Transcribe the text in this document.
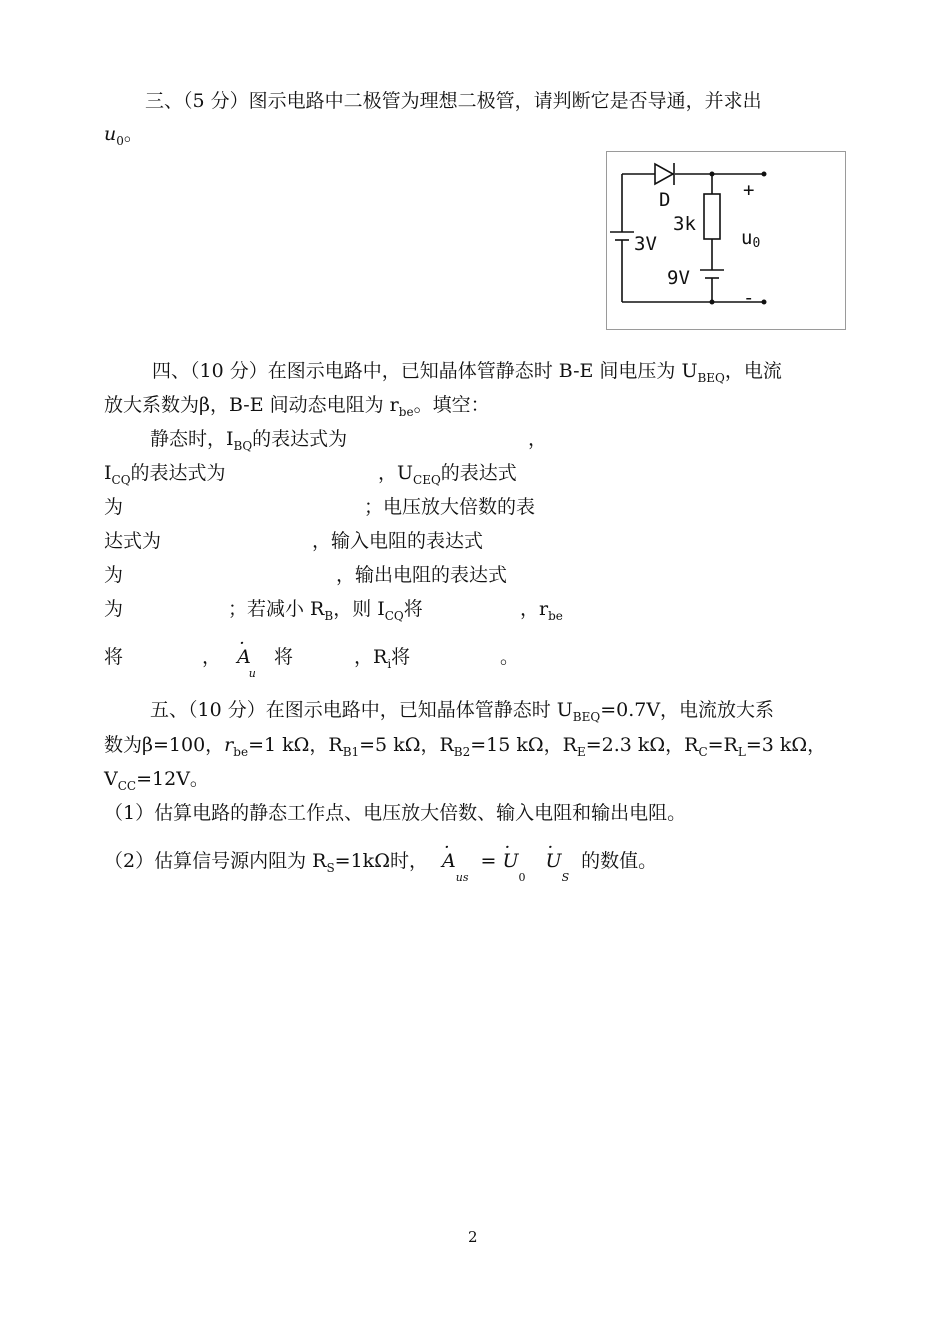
三、（5 分）图示电路中二极管为理想二极管，请判断它是否导通，并求出
$u_0$。
D
3k
3V
9V
+
-
u0
四、（10 分）在图示电路中，已知晶体管静态时 B-E 间电压为 $U_{BEQ}$，电流
放大系数为β，B-E 间动态电阻为 $r_{be}$。填空：
静态时，$I_{BQ}$的表达式为	，
$I_{CQ}$的表达式为	，$U_{CEQ}$的表达式
为	；电压放大倍数的表
达式为	，输入电阻的表达式
为	，输出电阻的表达式
为	；若减小 $R_B$，则 $I_{CQ}$将	，$r_{be}$
将	， · $A_u$ 将	，$R_i$将	。
五、（10 分）在图示电路中，已知晶体管静态时 $U_{BEQ}=0.7V$，电流放大系
数为β=100，$r_{be}=1$ kΩ，$R_{B1}=5$ kΩ，$R_{B2}=15$ kΩ，$R_E=2.3$ kΩ，$R_C=R_L=3$ kΩ，
$V_{CC}=12V$。
（1）估算电路的静态工作点、电压放大倍数、输入电阻和输出电阻。
（2）估算信号源内阻为 $R_S=1k\Omega$时， · $A_{us}$ = · $U_0 \cdot U_S$ 的数值。
2
